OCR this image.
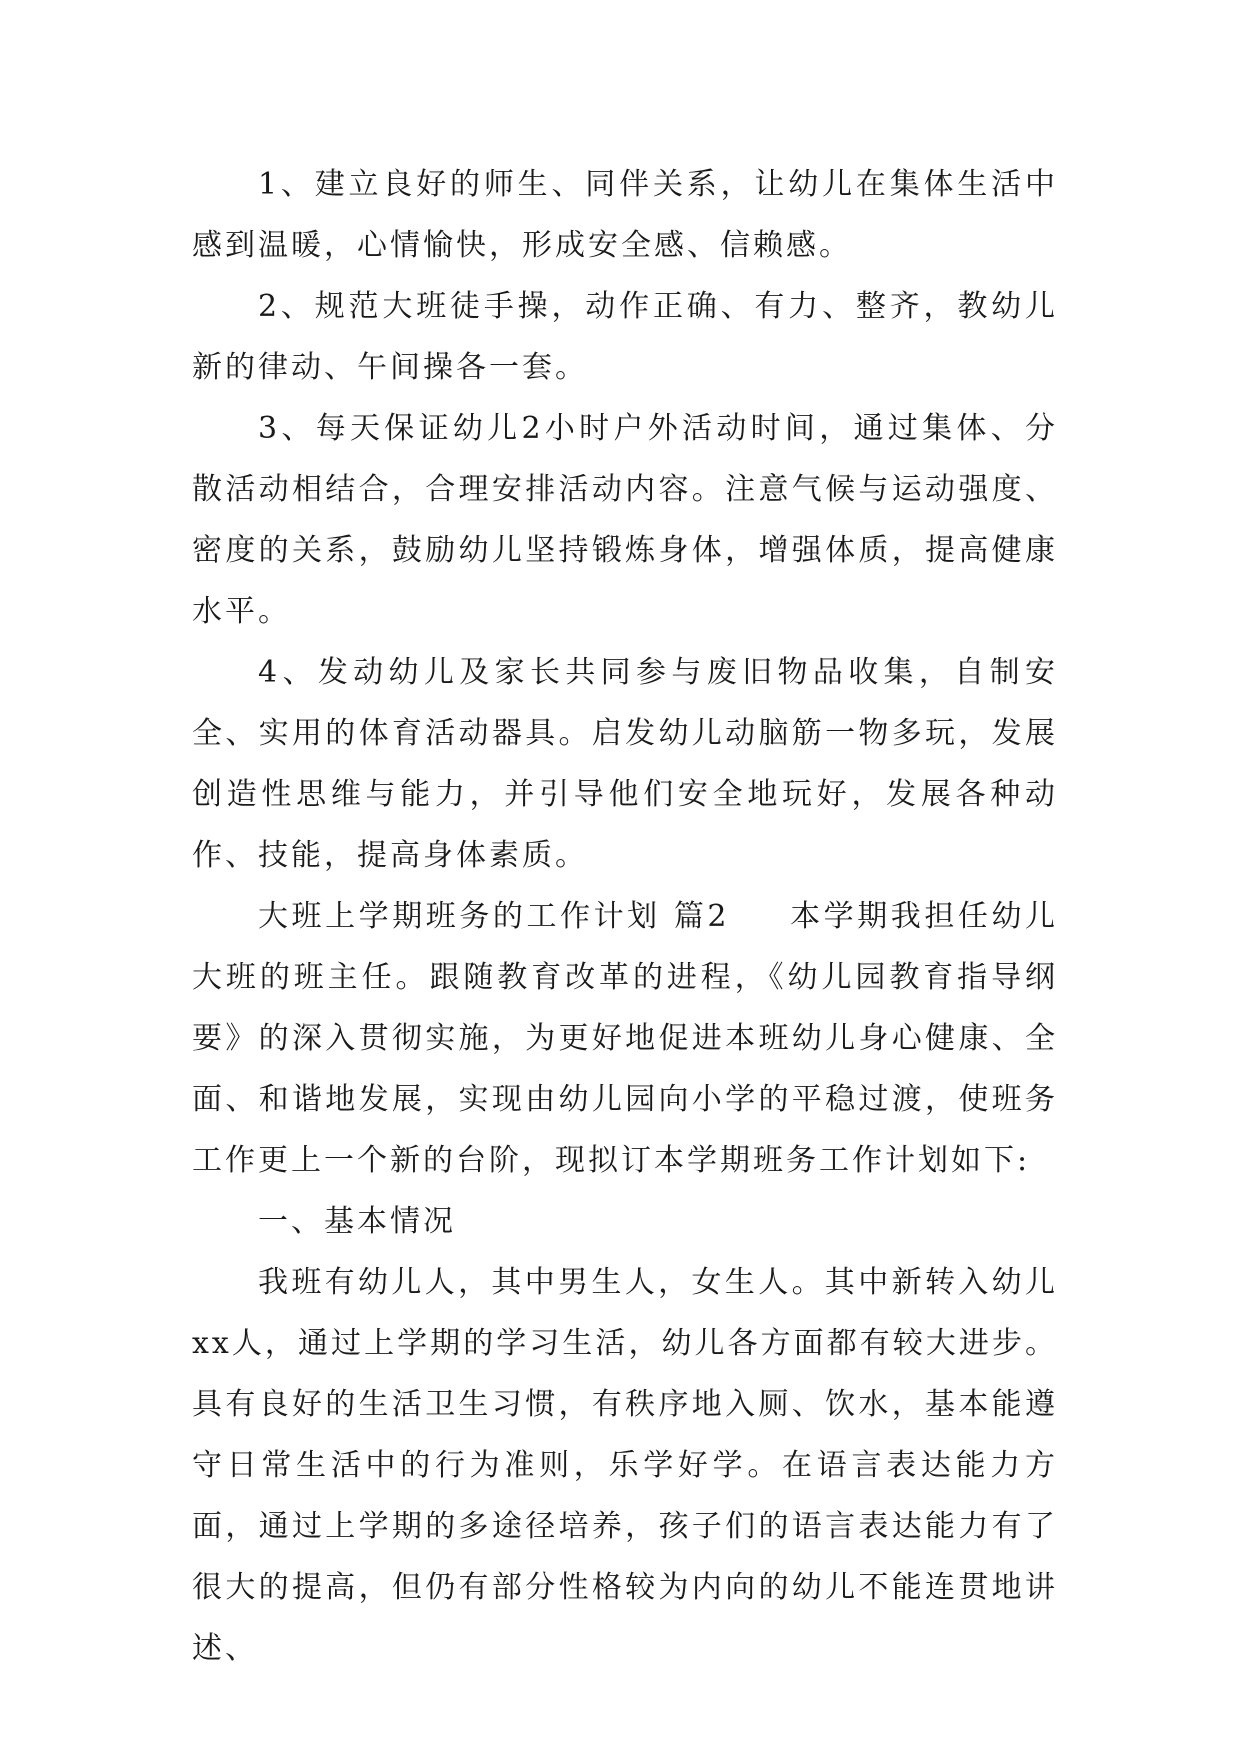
1、建立良好的师生、同伴关系，让幼儿在集体生活中感到温暖，心情愉快，形成安全感、信赖感。

2、规范大班徒手操，动作正确、有力、整齐，教幼儿新的律动、午间操各一套。

3、每天保证幼儿2小时户外活动时间，通过集体、分散活动相结合，合理安排活动内容。注意气候与运动强度、密度的关系，鼓励幼儿坚持锻炼身体，增强体质，提高健康水平。

4、发动幼儿及家长共同参与废旧物品收集，自制安全、实用的体育活动器具。启发幼儿动脑筋一物多玩，发展创造性思维与能力，并引导他们安全地玩好，发展各种动作、技能，提高身体素质。

大班上学期班务的工作计划 篇2 本学期我担任幼儿大班的班主任。跟随教育改革的进程，《幼儿园教育指导纲要》的深入贯彻实施，为更好地促进本班幼儿身心健康、全面、和谐地发展，实现由幼儿园向小学的平稳过渡，使班务工作更上一个新的台阶，现拟订本学期班务工作计划如下:

一、基本情况

我班有幼儿人，其中男生人，女生人。其中新转入幼儿xx人，通过上学期的学习生活，幼儿各方面都有较大进步。具有良好的生活卫生习惯，有秩序地入厕、饮水，基本能遵守日常生活中的行为准则，乐学好学。在语言表达能力方面，通过上学期的多途径培养，孩子们的语言表达能力有了很大的提高，但仍有部分性格较为内向的幼儿不能连贯地讲述、
